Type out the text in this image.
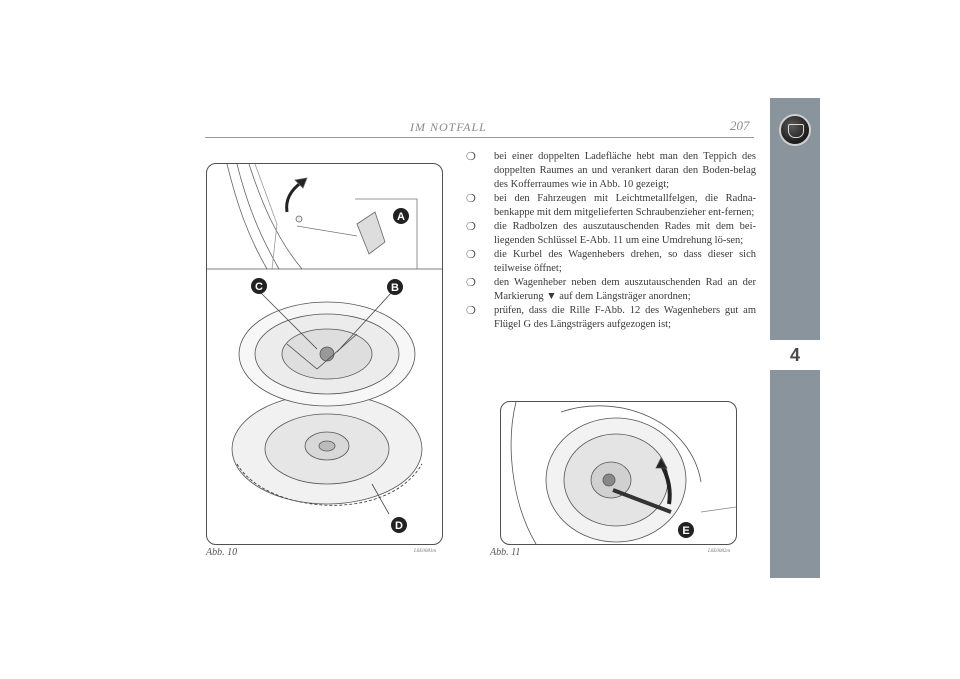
IM NOTFALL	207
4
A
B
C
D
Abb. 10	L0E0081m
E
Abb. 11	L0E0082m
❍ bei einer doppelten Ladefläche hebt man den Teppich des doppelten Raumes an und verankert daran den Boden-belag des Kofferraumes wie in Abb. 10 gezeigt;
❍ bei den Fahrzeugen mit Leichtmetallfelgen, die Radna-benkappe mit dem mitgelieferten Schraubenzieher ent-fernen;
❍ die Radbolzen des auszutauschenden Rades mit dem bei-liegenden Schlüssel E-Abb. 11 um eine Umdrehung lö-sen;
❍ die Kurbel des Wagenhebers drehen, so dass dieser sich teilweise öffnet;
❍ den Wagenheber neben dem auszutauschenden Rad an der Markierung ▼ auf dem Längsträger anordnen;
❍ prüfen, dass die Rille F-Abb. 12 des Wagenhebers gut am Flügel G des Längsträgers aufgezogen ist;
